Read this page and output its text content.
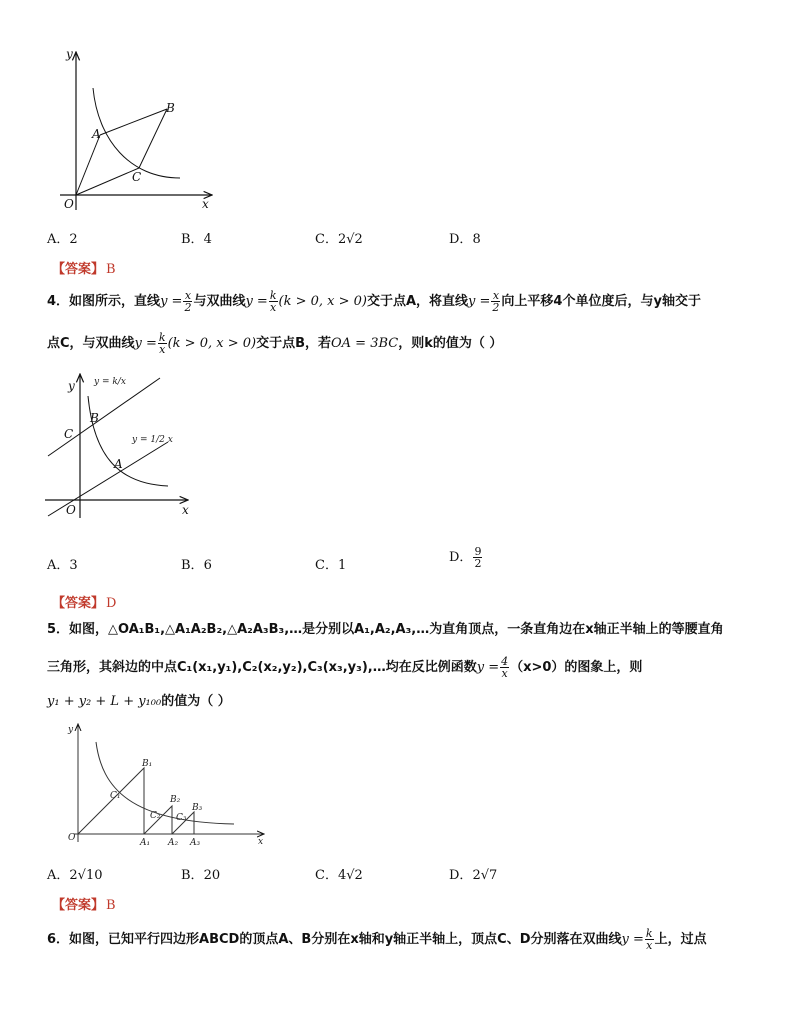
y
x
O
A
B
C
A．2	B．4	C．2√2	D．8
【答案】 B
4．如图所示，直线$y = \frac{x}{2}$ 与双曲线$y = \frac{k}{x} (k > 0$, x > 0)交于点A，将直线$y = \frac{x}{2}$ 向上平移4个单位度后，与y轴交于
点C，与双曲线$y = \frac{k}{x} (k > 0$, x > 0)交于点B，若OA = 3BC，则k的值为（ ）
y
x
O
C
B
A
y = k/x
y = 1/2 x
A．3	B．6	C．1
D． $\frac{9}{2}$
【答案】 D
5．如图，△OA₁B₁,△A₁A₂B₂,△A₂A₃B₃,…是分别以A₁,A₂,A₃,…为直角顶点，一条直角边在x轴正半轴上的等腰直角
三角形，其斜边的中点C₁(x₁,y₁),C₂(x₂,y₂),C₃(x₃,y₃),…均在反比例函数$y = \frac{4}{x} (x>0)$的图象上，则
y₁ + y₂ + L + y₁₀₀的值为（ ）
y
x
O
B₁
C₁	B₂
C₂
B₃
C₃
A₁ A₂ A₃
A．2√10	B．20	C．4√2	D．2√7
【答案】 B
6．如图，已知平行四边形ABCD的顶点A、B分别在x轴和y轴正半轴上，顶点C、D分别落在双曲线$y = \frac{k}{x}$ 上，过点
